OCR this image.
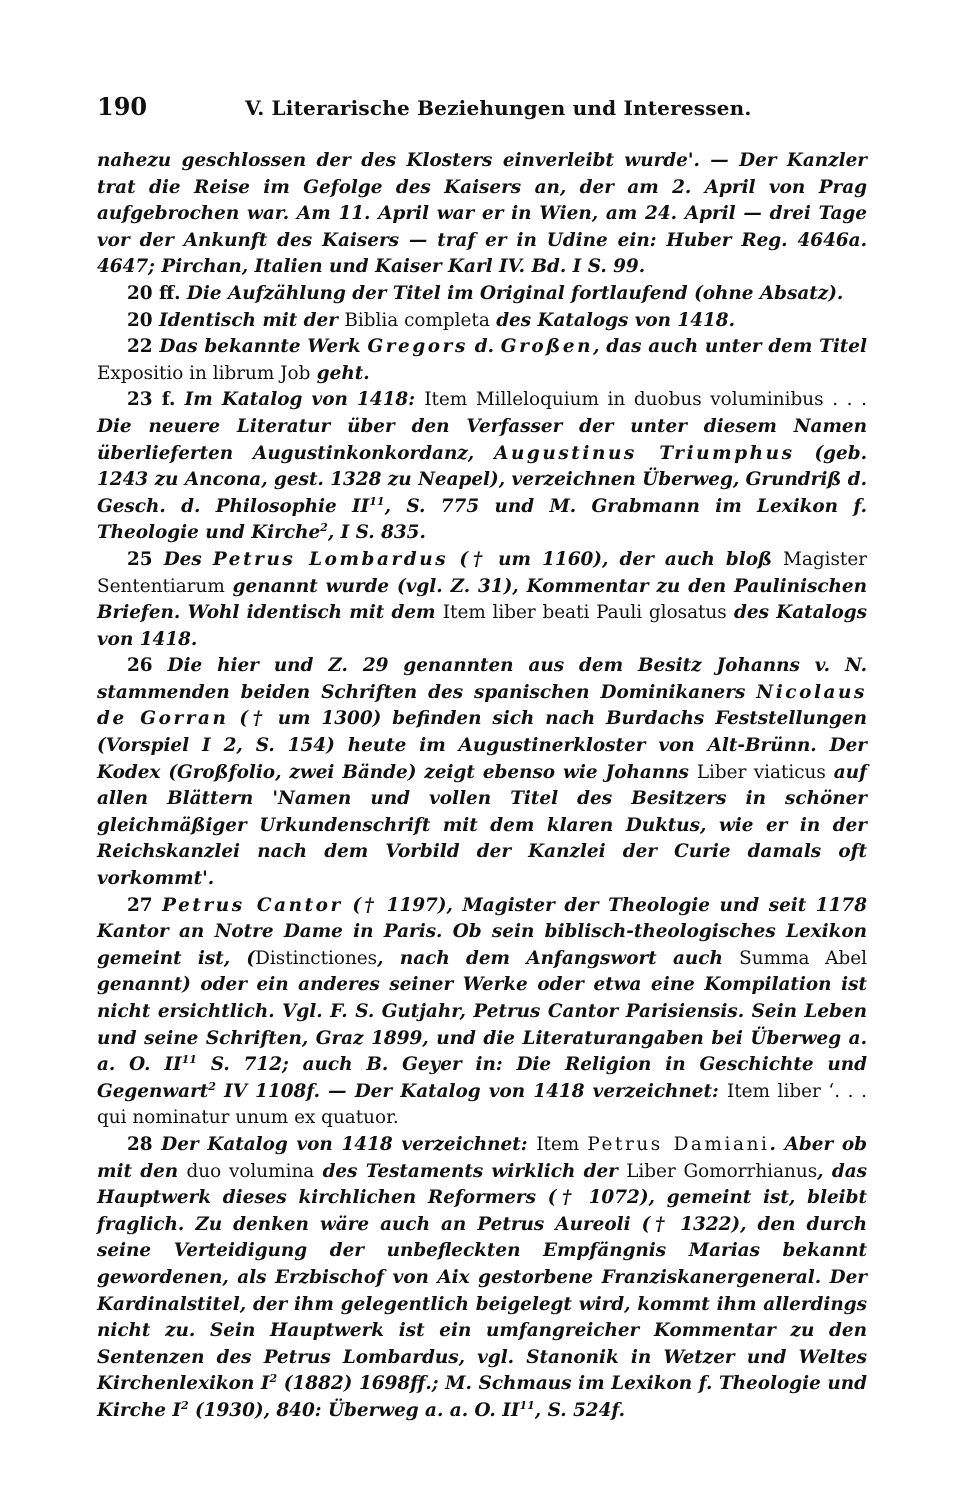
190	V. Literarische Beziehungen und Interessen.

nahezu geschlossen der des Klosters einverleibt wurde'. — Der Kanzler trat die Reise im Gefolge des Kaisers an, der am 2. April von Prag aufgebrochen war. Am 11. April war er in Wien, am 24. April — drei Tage vor der Ankunft des Kaisers — traf er in Udine ein: Huber Reg. 4646a. 4647; Pirchan, Italien und Kaiser Karl IV. Bd. I S. 99.

20 ff. Die Aufzählung der Titel im Original fortlaufend (ohne Absatz).

20 Identisch mit der Biblia completa des Katalogs von 1418.

22 Das bekannte Werk Gregors d. Großen, das auch unter dem Titel Expositio in librum Job geht.

23 f. Im Katalog von 1418: Item Milleloquium in duobus voluminibus . . . Die neuere Literatur über den Verfasser der unter diesem Namen überlieferten Augustinkonkordanz, Augustinus Triumphus (geb. 1243 zu Ancona, gest. 1328 zu Neapel), verzeichnen Überweg, Grundriß d. Gesch. d. Philosophie II$^{11}$, S. 775 und M. Grabmann im Lexikon f. Theologie und Kirche$^2$, I S. 835.

25 Des Petrus Lombardus († um 1160), der auch bloß Magister Sententiarum genannt wurde (vgl. Z. 31), Kommentar zu den Paulinischen Briefen. Wohl identisch mit dem Item liber beati Pauli glosatus des Katalogs von 1418.

26 Die hier und Z. 29 genannten aus dem Besitz Johanns v. N. stammenden beiden Schriften des spanischen Dominikaners Nicolaus de Gorran († um 1300) befinden sich nach Burdachs Feststellungen (Vorspiel I 2, S. 154) heute im Augustinerkloster von Alt-Brünn. Der Kodex (Großfolio, zwei Bände) zeigt ebenso wie Johanns Liber viaticus auf allen Blättern 'Namen und vollen Titel des Besitzers in schöner gleichmäßiger Urkundenschrift mit dem klaren Duktus, wie er in der Reichskanzlei nach dem Vorbild der Kanzlei der Curie damals oft vorkommt'.

27 Petrus Cantor († 1197), Magister der Theologie und seit 1178 Kantor an Notre Dame in Paris. Ob sein biblisch-theologisches Lexikon gemeint ist, (Distinctiones, nach dem Anfangswort auch Summa Abel genannt) oder ein anderes seiner Werke oder etwa eine Kompilation ist nicht ersichtlich. Vgl. F. S. Gutjahr, Petrus Cantor Parisiensis. Sein Leben und seine Schriften, Graz 1899, und die Literaturangaben bei Überweg a. a. O. II$^{11}$ S. 712; auch B. Geyer in: Die Religion in Geschichte und Gegenwart$^2$ IV 1108f. — Der Katalog von 1418 verzeichnet: Item liber ‘. . . qui nominatur unum ex quatuor.

28 Der Katalog von 1418 verzeichnet: Item Petrus Damiani. Aber ob mit den duo volumina des Testaments wirklich der Liber Gomorrhianus, das Hauptwerk dieses kirchlichen Reformers († 1072), gemeint ist, bleibt fraglich. Zu denken wäre auch an Petrus Aureoli († 1322), den durch seine Verteidigung der unbefleckten Empfängnis Marias bekannt gewordenen, als Erzbischof von Aix gestorbene Franziskanergeneral. Der Kardinalstitel, der ihm gelegentlich beigelegt wird, kommt ihm allerdings nicht zu. Sein Hauptwerk ist ein umfangreicher Kommentar zu den Sentenzen des Petrus Lombardus, vgl. Stanonik in Wetzer und Weltes Kirchenlexikon $I^2$ (1882) 1698ff.; M. Schmaus im Lexikon f. Theologie und Kirche $I^2$ (1930), 840: Überweg a. a. O. II$^{11}$, S. 524f.
